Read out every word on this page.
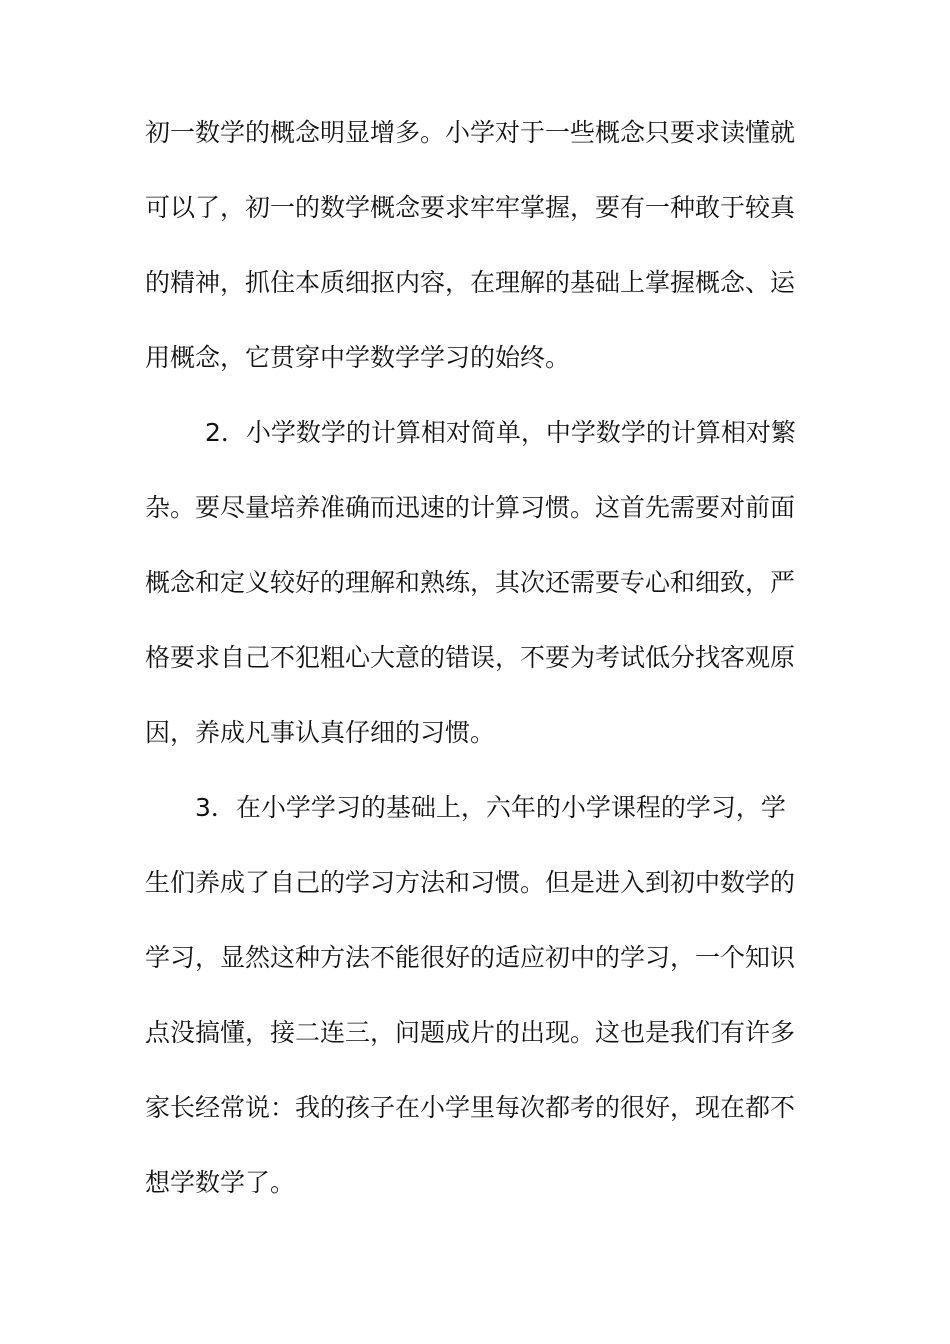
初一数学的概念明显增多。小学对于一些概念只要求读懂就
可以了，初一的数学概念要求牢牢掌握，要有一种敢于较真
的精神，抓住本质细抠内容，在理解的基础上掌握概念、运
用概念，它贯穿中学数学学习的始终。
2．小学数学的计算相对简单，中学数学的计算相对繁
杂。要尽量培养准确而迅速的计算习惯。这首先需要对前面
概念和定义较好的理解和熟练，其次还需要专心和细致，严
格要求自己不犯粗心大意的错误，不要为考试低分找客观原
因，养成凡事认真仔细的习惯。
3．在小学学习的基础上，六年的小学课程的学习，学
生们养成了自己的学习方法和习惯。但是进入到初中数学的
学习，显然这种方法不能很好的适应初中的学习，一个知识
点没搞懂，接二连三，问题成片的出现。这也是我们有许多
家长经常说：我的孩子在小学里每次都考的很好，现在都不
想学数学了。
